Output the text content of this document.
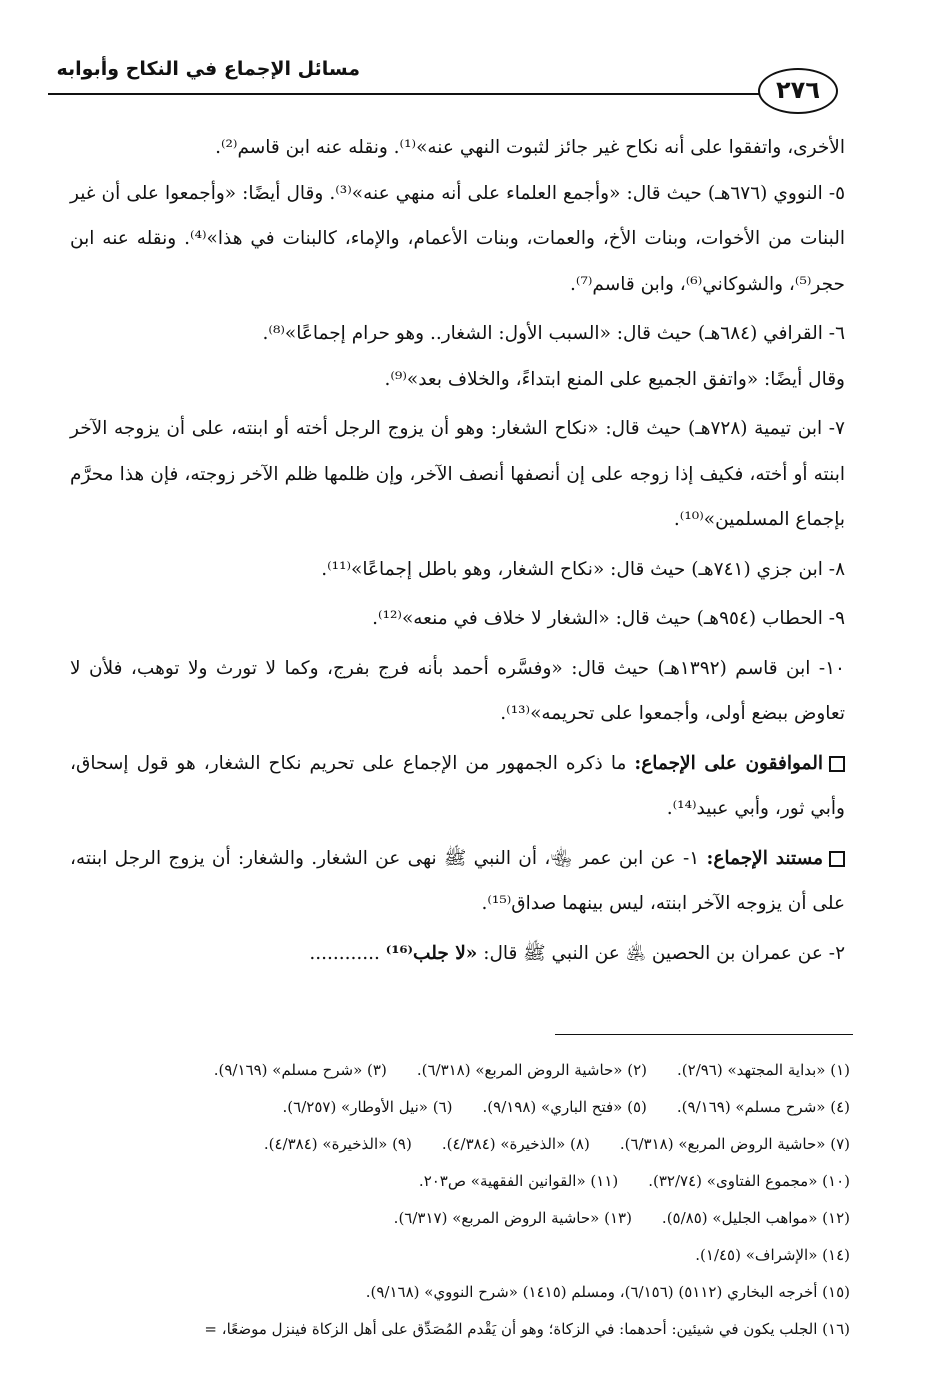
مسائل الإجماع في النكاح وأبوابه
٢٧٦

الأخرى، واتفقوا على أنه نكاح غير جائز لثبوت النهي عنه»⁽¹⁾. ونقله عنه ابن قاسم⁽²⁾.

٥- النووي (٦٧٦هـ) حيث قال: «وأجمع العلماء على أنه منهي عنه»⁽³⁾. وقال أيضًا: «وأجمعوا على أن غير البنات من الأخوات، وبنات الأخ، والعمات، وبنات الأعمام، والإماء، كالبنات في هذا»⁽⁴⁾. ونقله عنه ابن حجر⁽⁵⁾، والشوكاني⁽⁶⁾، وابن قاسم⁽⁷⁾.

٦- القرافي (٦٨٤هـ) حيث قال: «السبب الأول: الشغار.. وهو حرام إجماعًا»⁽⁸⁾.

وقال أيضًا: «واتفق الجميع على المنع ابتداءً، والخلاف بعد»⁽⁹⁾.

٧- ابن تيمية (٧٢٨هـ) حيث قال: «نكاح الشغار: وهو أن يزوج الرجل أخته أو ابنته، على أن يزوجه الآخر ابنته أو أخته، فكيف إذا زوجه على إن أنصفها أنصف الآخر، وإن ظلمها ظلم الآخر زوجته، فإن هذا محرَّم بإجماع المسلمين»⁽¹⁰⁾.

٨- ابن جزي (٧٤١هـ) حيث قال: «نكاح الشغار، وهو باطل إجماعًا»⁽¹¹⁾.

٩- الحطاب (٩٥٤هـ) حيث قال: «الشغار لا خلاف في منعه»⁽¹²⁾.

١٠- ابن قاسم (١٣٩٢هـ) حيث قال: «وفسَّره أحمد بأنه فرج بفرج، وكما لا تورث ولا توهب، فلأن لا تعاوض ببضع أولى، وأجمعوا على تحريمه»⁽¹³⁾.

الموافقون على الإجماع: ما ذكره الجمهور من الإجماع على تحريم نكاح الشغار، هو قول إسحاق، وأبي ثور، وأبي عبيد⁽¹⁴⁾.

مستند الإجماع: ١- عن ابن عمر ﵄، أن النبي ﷺ نهى عن الشغار. والشغار: أن يزوج الرجل ابنته، على أن يزوجه الآخر ابنته، ليس بينهما صداق⁽¹⁵⁾.

٢- عن عمران بن الحصين ﵁ عن النبي ﷺ قال: «لا جلب⁽¹⁶⁾ ............

(١) «بداية المجتهد» (٢/٩٦).(٢) «حاشية الروض المربع» (٦/٣١٨).(٣) «شرح مسلم» (٩/١٦٩).
(٤) «شرح مسلم» (٩/١٦٩).(٥) «فتح الباري» (٩/١٩٨).(٦) «نيل الأوطار» (٦/٢٥٧).
(٧) «حاشية الروض المربع» (٦/٣١٨).(٨) «الذخيرة» (٤/٣٨٤).(٩) «الذخيرة» (٤/٣٨٤).
(١٠) «مجموع الفتاوى» (٣٢/٧٤).(١١) «القوانين الفقهية» ص٢٠٣.
(١٢) «مواهب الجليل» (٥/٨٥).(١٣) «حاشية الروض المربع» (٦/٣١٧).
(١٤) «الإشراف» (١/٤٥).
(١٥) أخرجه البخاري (٥١١٢) (٦/١٥٦)، ومسلم (١٤١٥) «شرح النووي» (٩/١٦٨).
(١٦) الجلب يكون في شيئين: أحدهما: في الزكاة؛ وهو أن يَقْدم المُصَدِّق على أهل الزكاة فينزل موضعًا، =
